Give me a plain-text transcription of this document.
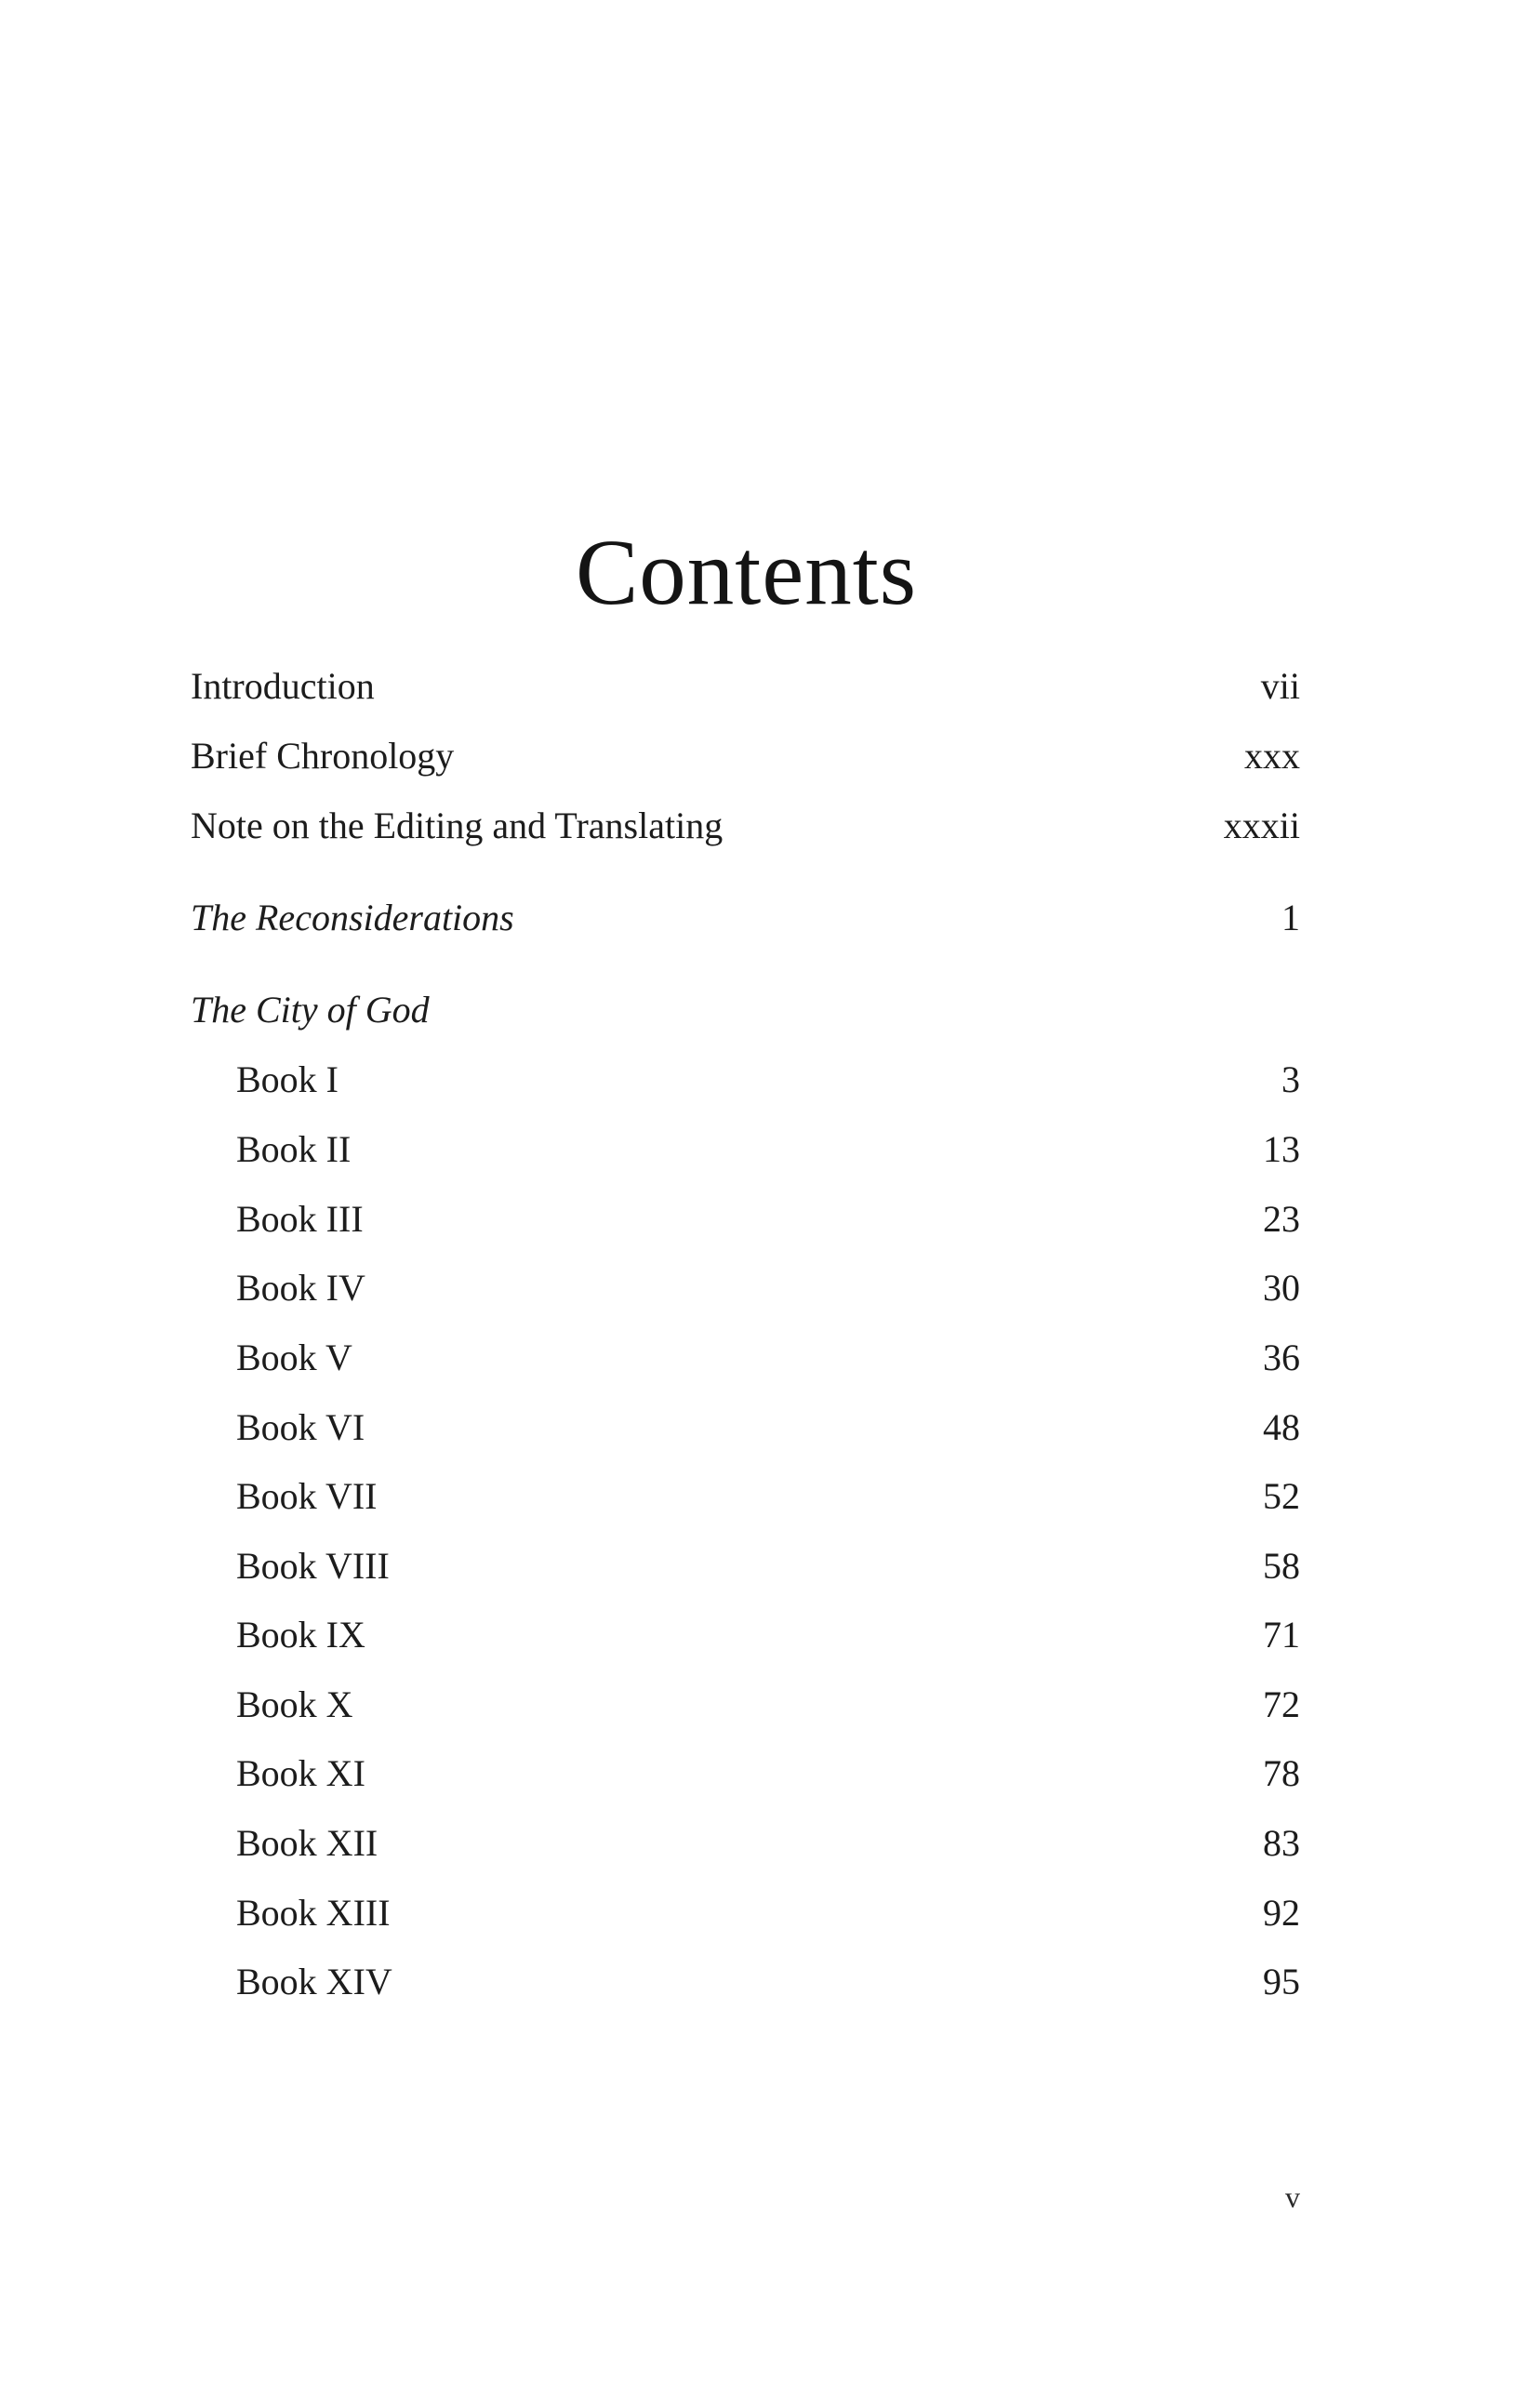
Contents
Introduction	vii
Brief Chronology	xxx
Note on the Editing and Translating	xxxii
The Reconsiderations	1
The City of God
Book I	3
Book II	13
Book III	23
Book IV	30
Book V	36
Book VI	48
Book VII	52
Book VIII	58
Book IX	71
Book X	72
Book XI	78
Book XII	83
Book XIII	92
Book XIV	95
v
